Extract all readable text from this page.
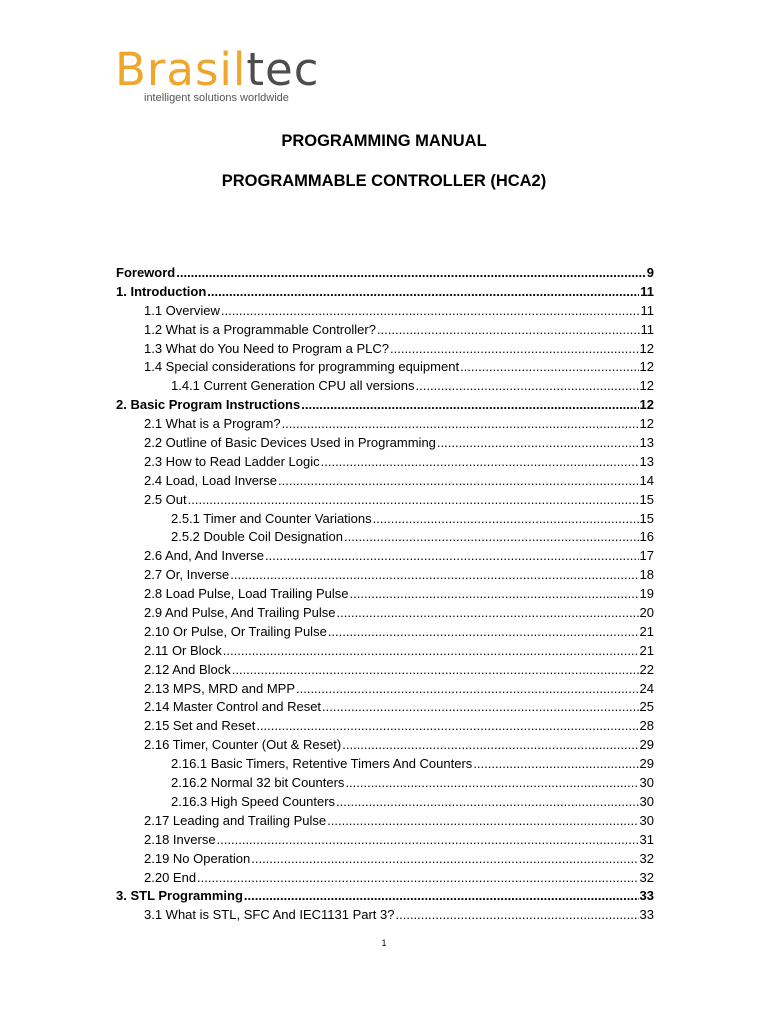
Brasiltec
intelligent solutions worldwide
PROGRAMMING MANUAL
PROGRAMMABLE CONTROLLER (HCA2)
Foreword .....	9
1. Introduction .....	11
1.1 Overview .....	11
1.2 What is a Programmable Controller? .....	11
1.3 What do You Need to Program a PLC? .....	12
1.4 Special considerations for programming equipment .....	12
1.4.1 Current Generation CPU all versions .....	12
2. Basic Program Instructions .....	12
2.1 What is a Program? .....	12
2.2 Outline of Basic Devices Used in Programming .....	13
2.3 How to Read Ladder Logic .....	13
2.4 Load, Load Inverse .....	14
2.5 Out .....	15
2.5.1 Timer and Counter Variations .....	15
2.5.2 Double Coil Designation .....	16
2.6 And, And Inverse .....	17
2.7 Or, Inverse .....	18
2.8 Load Pulse, Load Trailing Pulse .....	19
2.9 And Pulse, And Trailing Pulse .....	20
2.10 Or Pulse, Or Trailing Pulse .....	21
2.11 Or Block .....	21
2.12 And Block .....	22
2.13 MPS, MRD and MPP .....	24
2.14 Master Control and Reset .....	25
2.15 Set and Reset .....	28
2.16 Timer, Counter (Out & Reset) .....	29
2.16.1 Basic Timers, Retentive Timers And Counters .....	29
2.16.2 Normal 32 bit Counters .....	30
2.16.3 High Speed Counters .....	30
2.17 Leading and Trailing Pulse .....	30
2.18 Inverse .....	31
2.19 No Operation .....	32
2.20 End .....	32
3. STL Programming .....	33
3.1 What is STL, SFC And IEC1131 Part 3? .....	33
1
